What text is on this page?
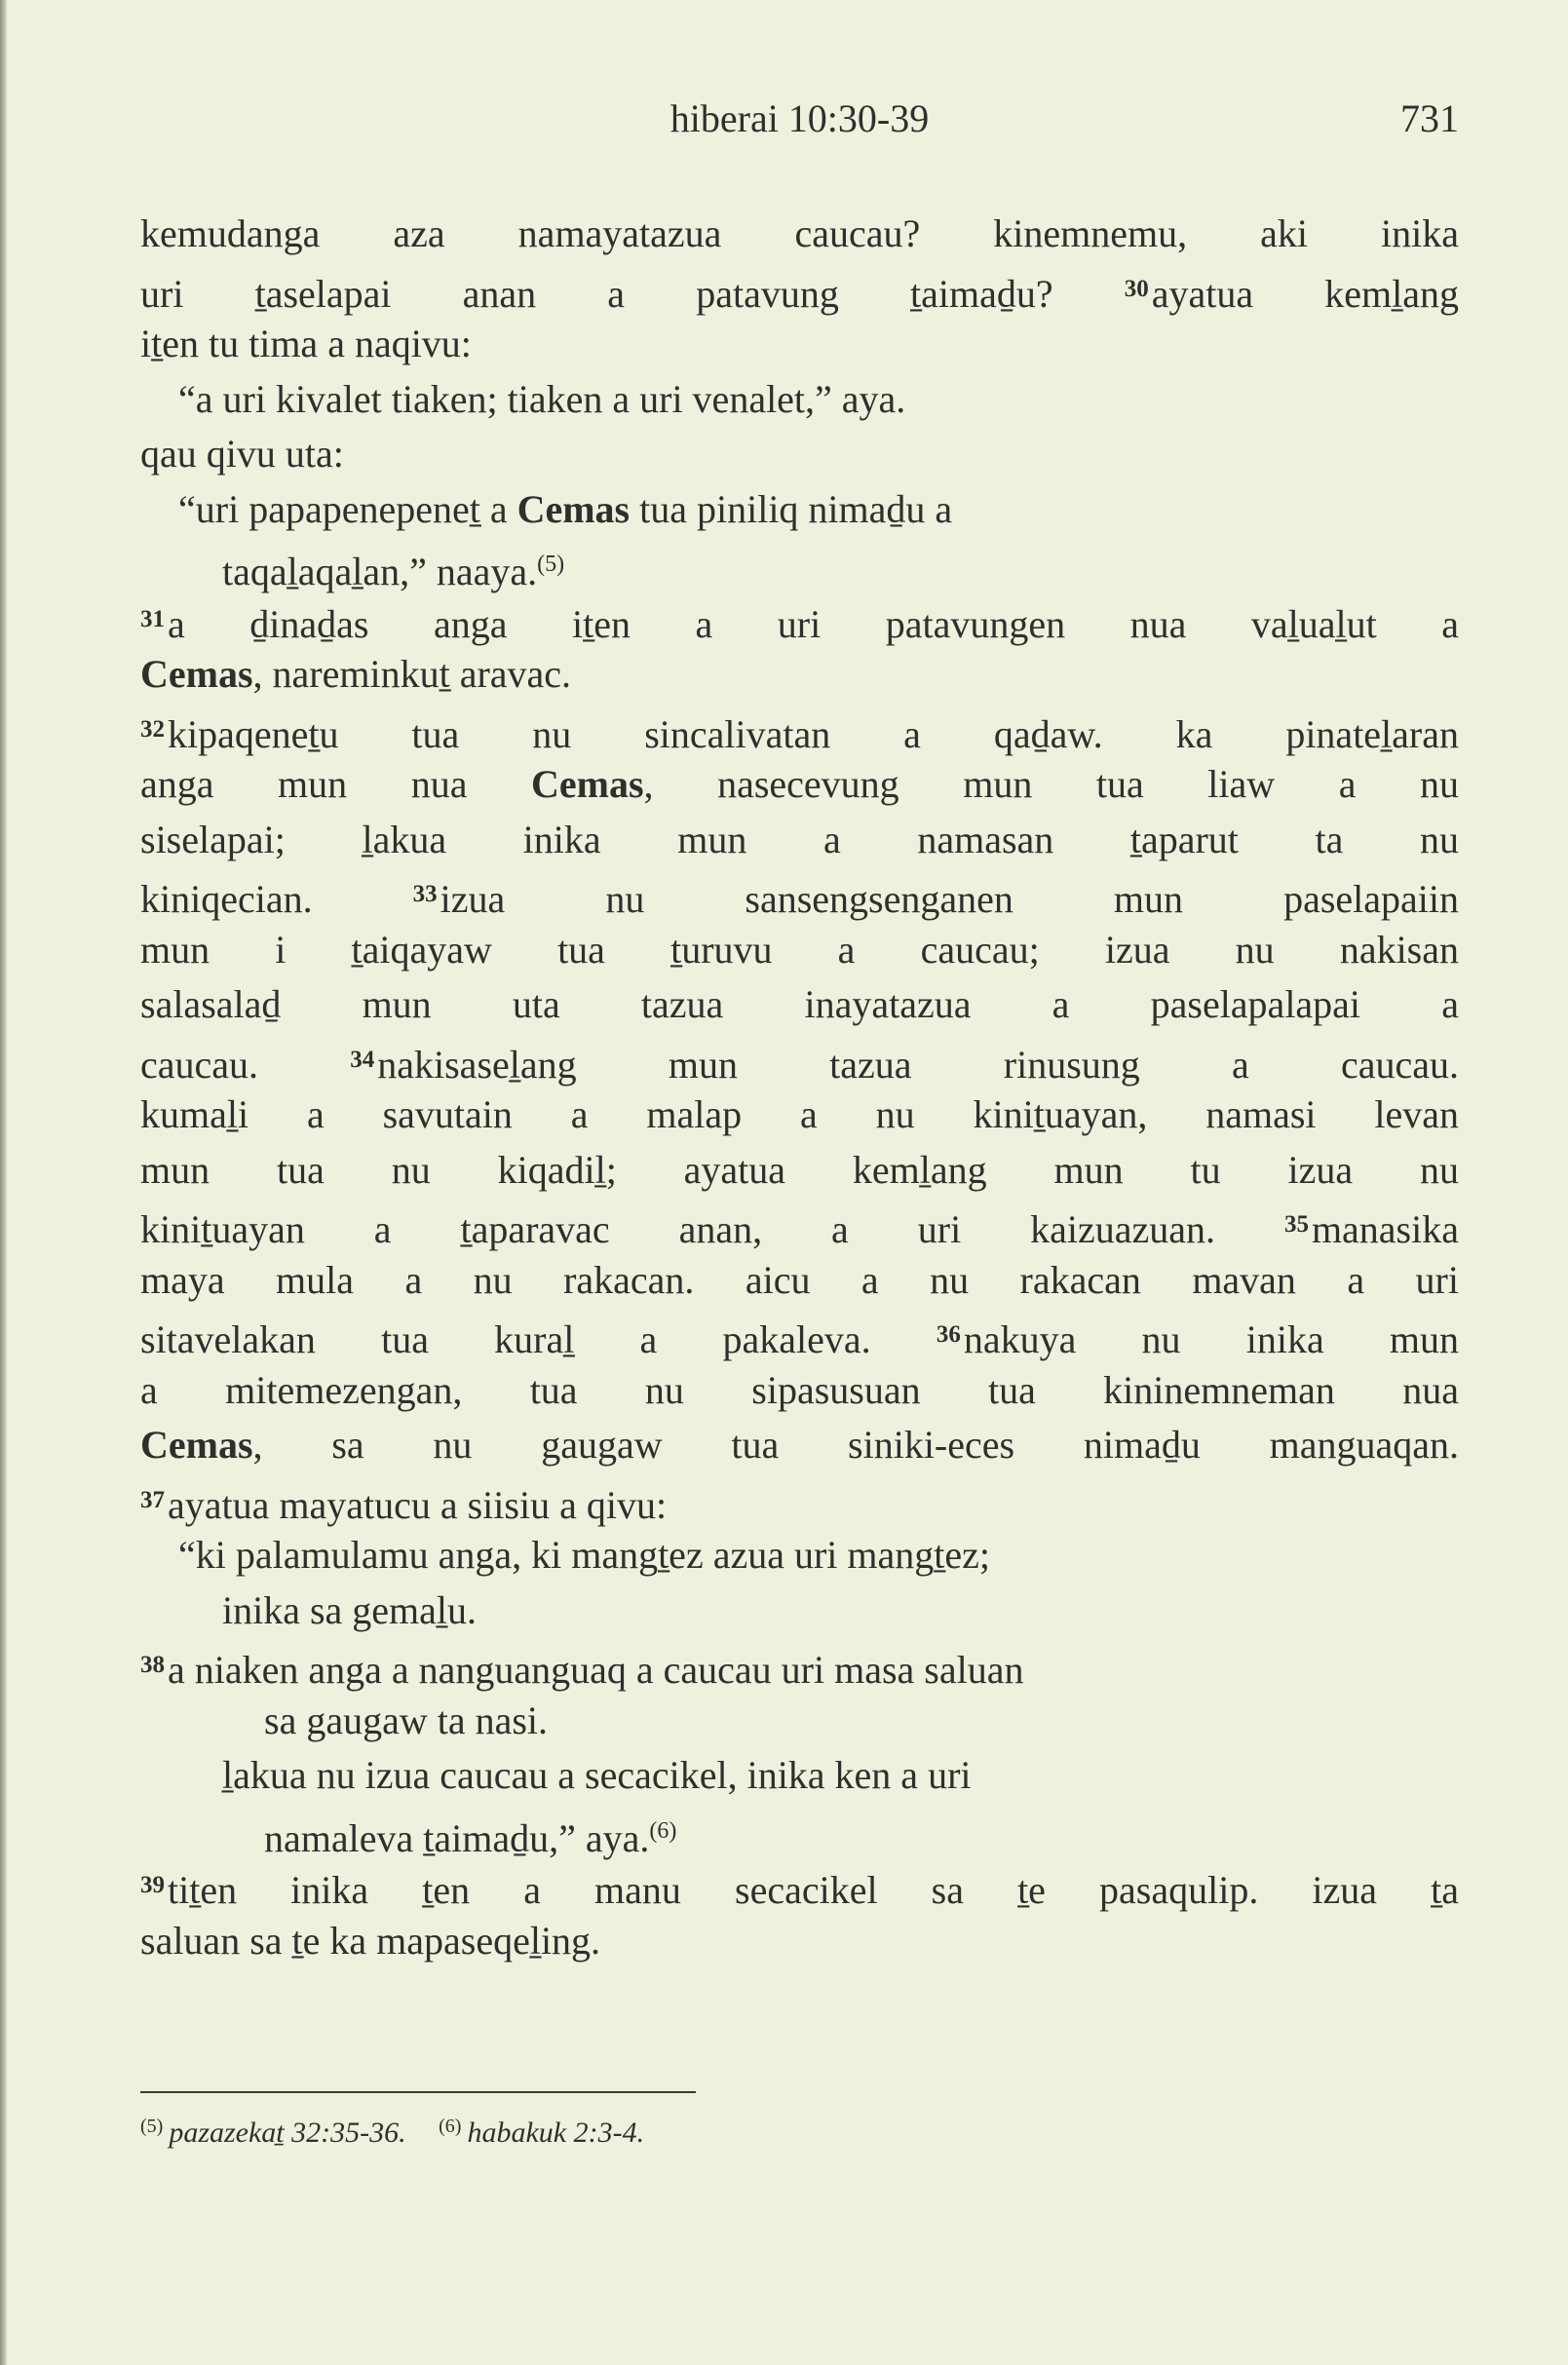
hiberai 10:30-39	731
kemudanga aza namayatazua caucau? kinemnemu, aki inika
uri ṯaselapai anan a patavung ṯaimaḏu? $^{30}$ayatua kemḻang
iṯen tu tima a naqivu:
“a uri kivalet tiaken; tiaken a uri venalet,” aya.
qau qivu uta:
“uri papapenepeneṯ a Cemas tua piniliq nimaḏu a
taqaḻaqaḻan,” naaya.$^{(5)}$
$^{31}$a ḏinaḏas anga iṯen a uri patavungen nua vaḻuaḻut a
Cemas, nareminkuṯ aravac.
$^{32}$kipaqeneṯu tua nu sincalivatan a qaḏaw. ka pinateḻaran
anga mun nua Cemas, nasecevung mun tua liaw a nu
siselapai; ḻakua inika mun a namasan ṯaparut ta nu
kiniqecian. $^{33}$izua nu sansengsenganen mun paselapaiin
mun i ṯaiqayaw tua ṯuruvu a caucau; izua nu nakisan
salasalaḏ mun uta tazua inayatazua a paselapalapai a
caucau. $^{34}$nakisaseḻang mun tazua rinusung a caucau.
kumaḻi a savutain a malap a nu kiniṯuayan, namasi levan
mun tua nu kiqadiḻ; ayatua kemḻang mun tu izua nu
kiniṯuayan a ṯaparavac anan, a uri kaizuazuan. $^{35}$manasika
maya mula a nu rakacan. aicu a nu rakacan mavan a uri
sitavelakan tua kuraḻ a pakaleva. $^{36}$nakuya nu inika mun
a mitemezengan, tua nu sipasusuan tua kininemneman nua
Cemas, sa nu gaugaw tua siniki-eces nimaḏu manguaqan.
$^{37}$ayatua mayatucu a siisiu a qivu:
“ki palamulamu anga, ki mangṯez azua uri mangṯez;
inika sa gemaḻu.
$^{38}$a niaken anga a nanguanguaq a caucau uri masa saluan
sa gaugaw ta nasi.
ḻakua nu izua caucau a secacikel, inika ken a uri
namaleva ṯaimaḏu,” aya.$^{(6)}$
$^{39}$tiṯen inika ṯen a manu secacikel sa ṯe pasaqulip. izua ṯa
saluan sa ṯe ka mapaseqeḻing.
$^{(5)}$ pazazekaṯ 32:35-36. $^{(6)}$ habakuk 2:3-4.
